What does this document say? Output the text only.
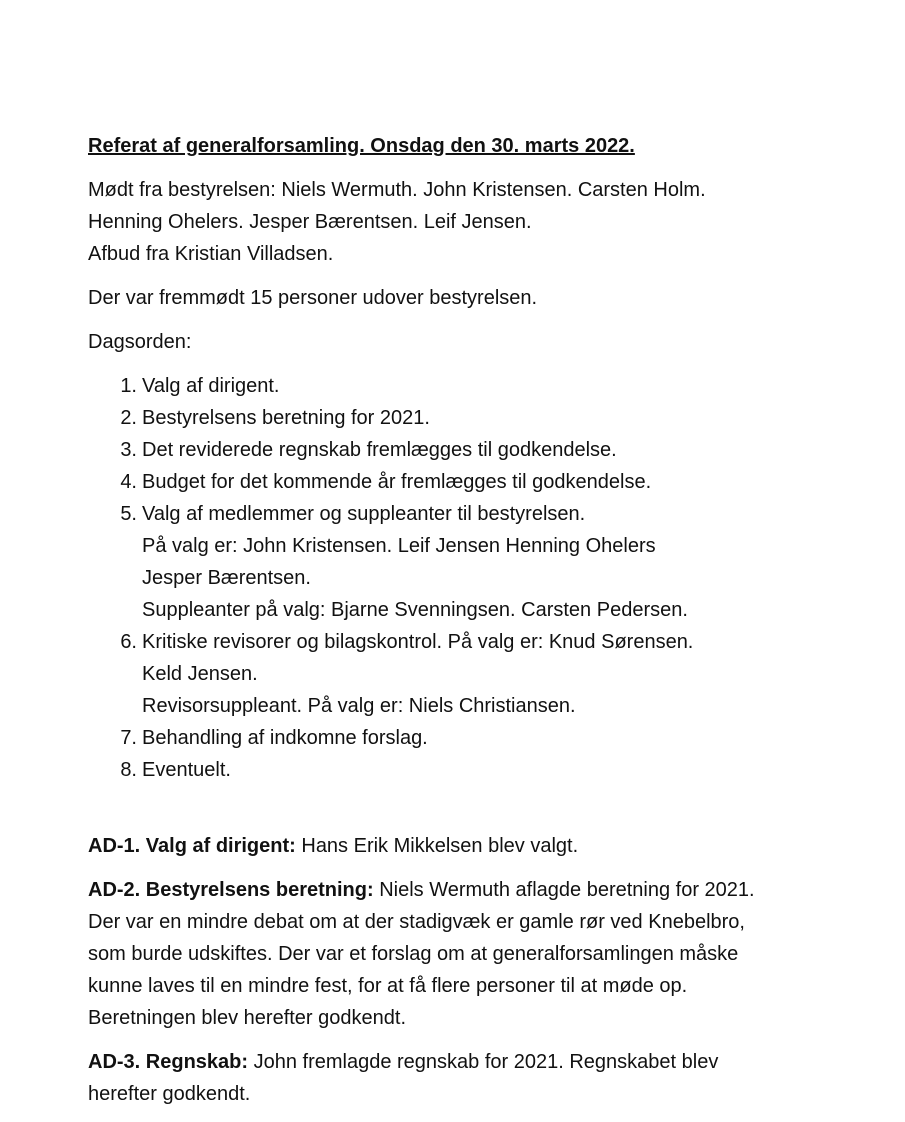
Referat af generalforsamling. Onsdag den 30. marts 2022.

Mødt fra bestyrelsen: Niels Wermuth. John Kristensen. Carsten Holm.
Henning Ohelers. Jesper Bærentsen. Leif Jensen.
Afbud fra Kristian Villadsen.

Der var fremmødt 15 personer udover bestyrelsen.

Dagsorden:

1. Valg af dirigent.
2. Bestyrelsens beretning for 2021.
3. Det reviderede regnskab fremlægges til godkendelse.
4. Budget for det kommende år fremlægges til godkendelse.
5. Valg af medlemmer og suppleanter til bestyrelsen.
På valg er: John Kristensen. Leif Jensen Henning Ohelers
Jesper Bærentsen.
Suppleanter på valg: Bjarne Svenningsen. Carsten Pedersen.
6. Kritiske revisorer og bilagskontrol. På valg er: Knud Sørensen.
Keld Jensen.
Revisorsuppleant. På valg er: Niels Christiansen.
7. Behandling af indkomne forslag.
8. Eventuelt.

AD-1. Valg af dirigent: Hans Erik Mikkelsen blev valgt.

AD-2. Bestyrelsens beretning: Niels Wermuth aflagde beretning for 2021.
Der var en mindre debat om at der stadigvæk er gamle rør ved Knebelbro,
som burde udskiftes. Der var et forslag om at generalforsamlingen måske
kunne laves til en mindre fest, for at få flere personer til at møde op.
Beretningen blev herefter godkendt.

AD-3. Regnskab: John fremlagde regnskab for 2021. Regnskabet blev
herefter godkendt.
